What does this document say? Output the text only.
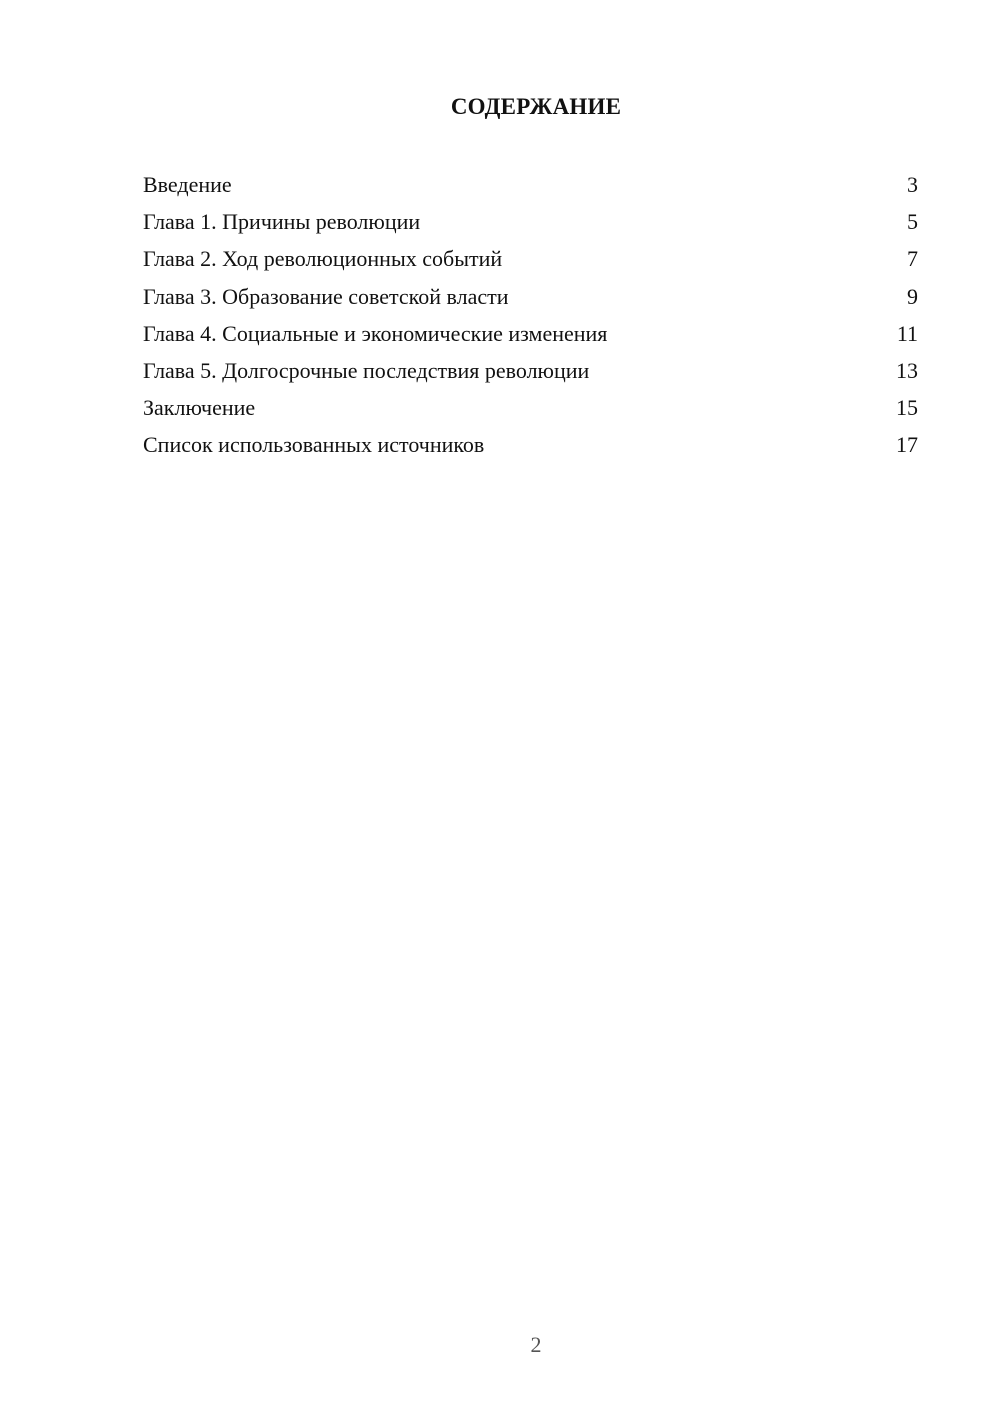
СОДЕРЖАНИЕ
Введение	3
Глава 1. Причины революции	5
Глава 2. Ход революционных событий	7
Глава 3. Образование советской власти	9
Глава 4. Социальные и экономические изменения	11
Глава 5. Долгосрочные последствия революции	13
Заключение	15
Список использованных источников	17
2
